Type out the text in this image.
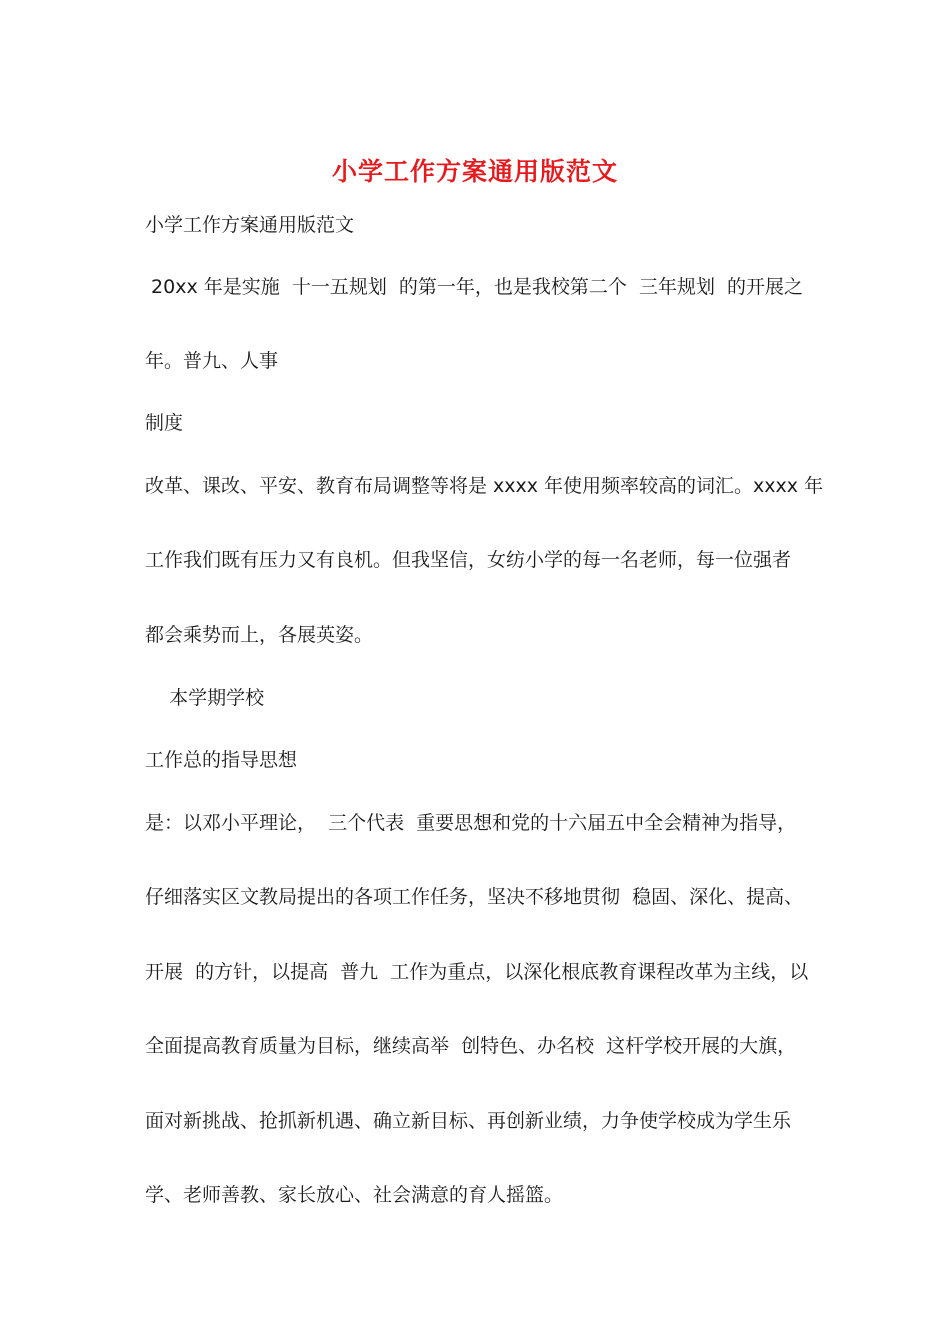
小学工作方案通用版范文
小学工作方案通用版范文
20xx 年是实施  十一五规划  的第一年，也是我校第二个  三年规划  的开展之
年。普九、人事
制度
改革、课改、平安、教育布局调整等将是 xxxx 年使用频率较高的词汇。xxxx 年
工作我们既有压力又有良机。但我坚信，女纺小学的每一名老师，每一位强者
都会乘势而上，各展英姿。
本学期学校
工作总的指导思想
是：以邓小平理论，  三个代表  重要思想和党的十六届五中全会精神为指导，
仔细落实区文教局提出的各项工作任务，坚决不移地贯彻  稳固、深化、提高、
开展  的方针，以提高  普九  工作为重点，以深化根底教育课程改革为主线，以
全面提高教育质量为目标，继续高举  创特色、办名校  这杆学校开展的大旗，
面对新挑战、抢抓新机遇、确立新目标、再创新业绩，力争使学校成为学生乐
学、老师善教、家长放心、社会满意的育人摇篮。
